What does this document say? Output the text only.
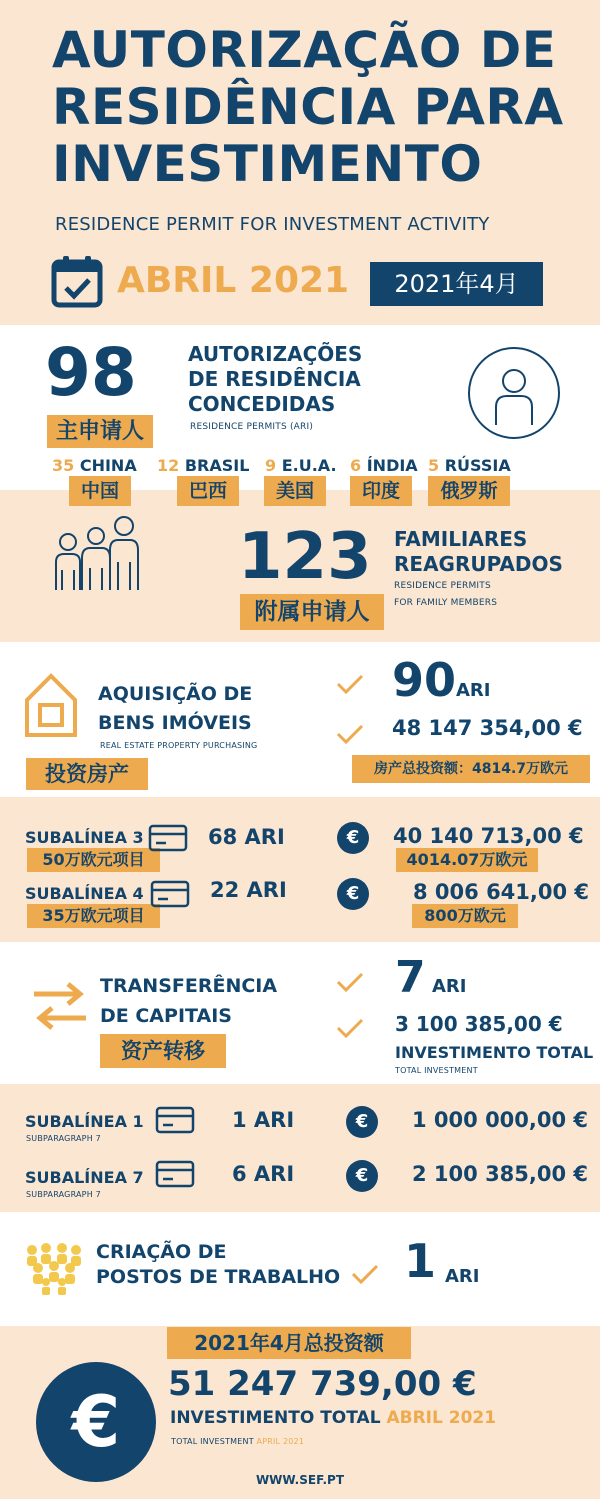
AUTORIZAÇÃO DE
RESIDÊNCIA PARA
INVESTIMENTO
RESIDENCE PERMIT FOR INVESTMENT ACTIVITY
ABRIL 2021	2021年4月
98
主申请人
AUTORIZAÇÕES
DE RESIDÊNCIA
CONCEDIDAS
RESIDENCE PERMITS (ARI)
35 CHINA 12 BRASIL 9 E.U.A. 6 ÍNDIA 5 RÚSSIA
中国	巴西	美国	印度	俄罗斯
123
附属申请人
FAMILIARES
REAGRUPADOS
RESIDENCE PERMITS
FOR FAMILY MEMBERS
AQUISIÇÃO DE
BENS IMÓVEIS
REAL ESTATE PROPERTY PURCHASING
投资房产
90 ARI
48 147 354,00 €
房产总投资额：4814.7万欧元
SUBALÍNEA 3
50万欧元项目
68 ARI	€	40 140 713,00 €
4014.07万欧元
SUBALÍNEA 4
35万欧元项目
22 ARI	€	8 006 641,00 €
800万欧元
TRANSFERÊNCIA
DE CAPITAIS
资产转移
7 ARI
3 100 385,00 €
INVESTIMENTO TOTAL
TOTAL INVESTMENT
SUBALÍNEA 1
SUBPARAGRAPH 7
1 ARI	€	1 000 000,00 €
SUBALÍNEA 7
SUBPARAGRAPH 7
6 ARI	€	2 100 385,00 €
CRIAÇÃO DE
POSTOS DE TRABALHO 1 ARI
2021年4月总投资额
€	51 247 739,00 €
INVESTIMENTO TOTAL ABRIL 2021
TOTAL INVESTMENT APRIL 2021
WWW.SEF.PT
